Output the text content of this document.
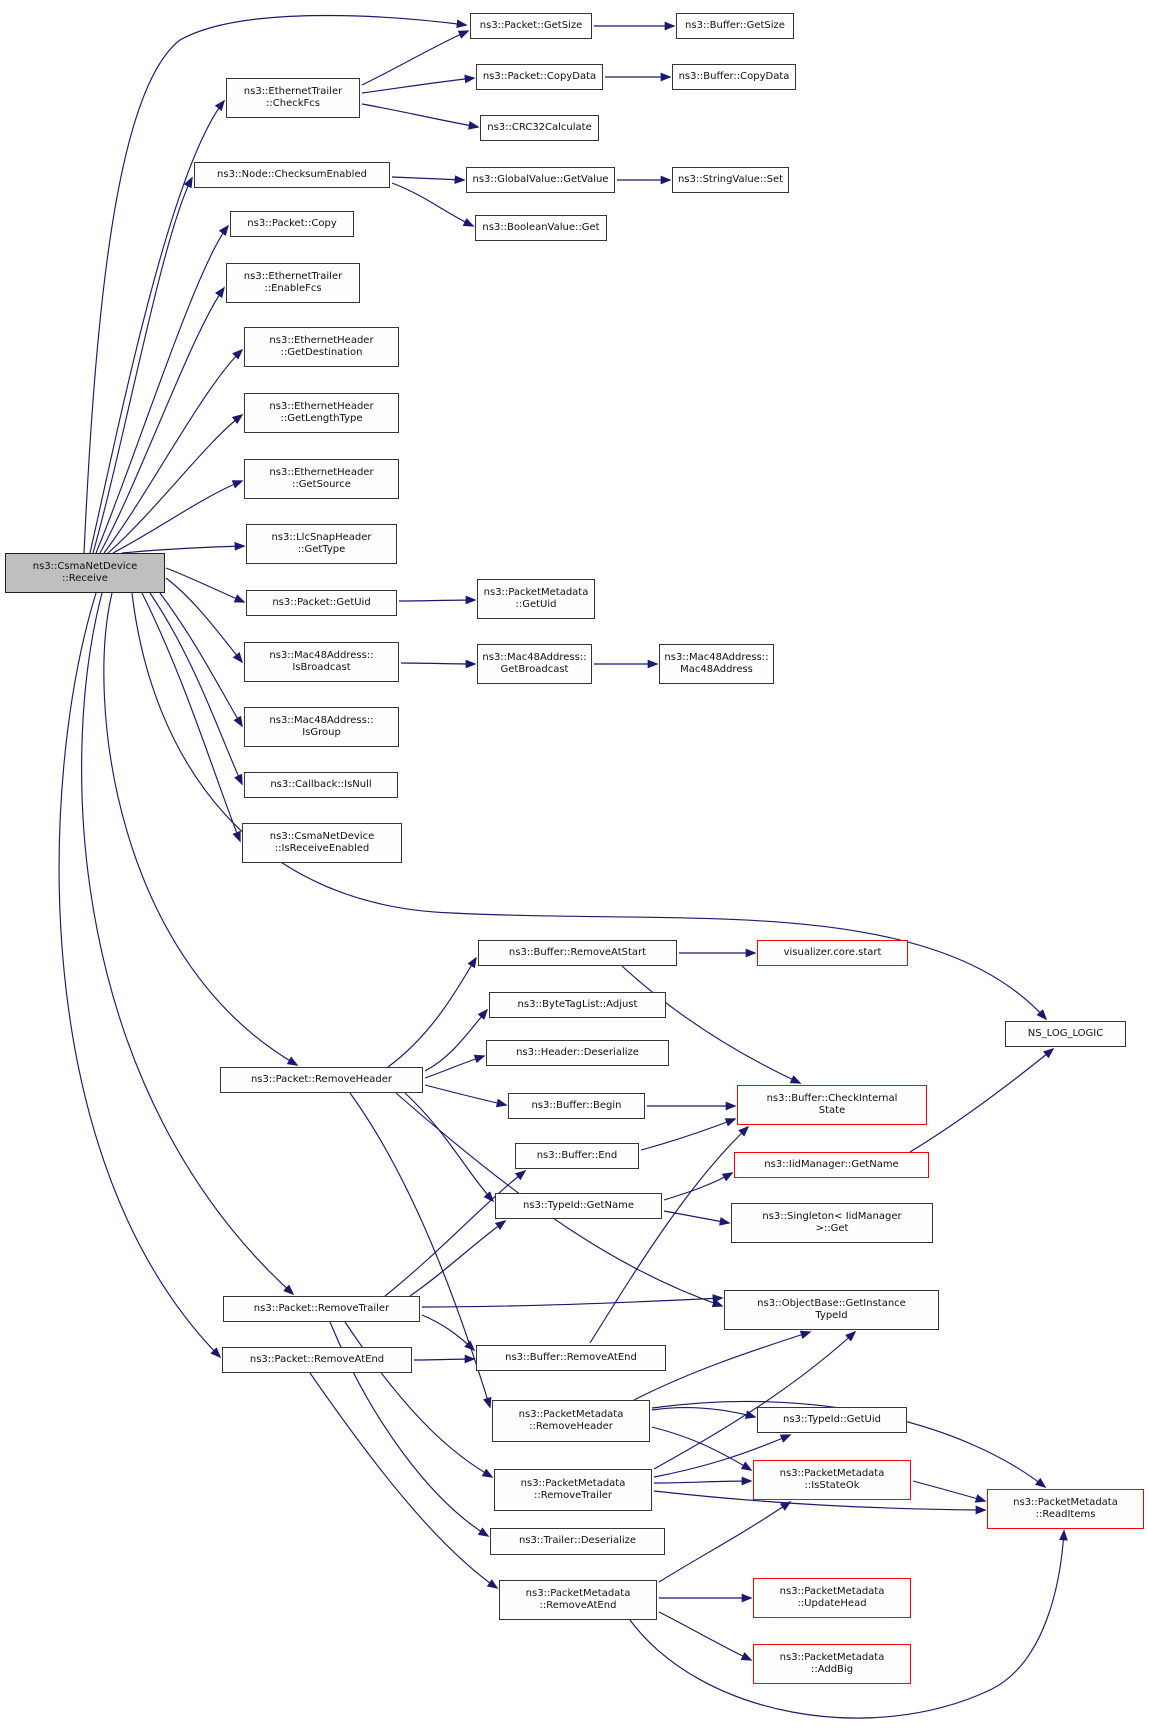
ns3::CsmaNetDevice
::Receive
ns3::EthernetTrailer
::CheckFcs
ns3::Node::ChecksumEnabled
ns3::Packet::Copy
ns3::EthernetTrailer
::EnableFcs
ns3::EthernetHeader
::GetDestination
ns3::EthernetHeader
::GetLengthType
ns3::EthernetHeader
::GetSource
ns3::LlcSnapHeader
::GetType
ns3::Packet::GetUid
ns3::Mac48Address::
IsBroadcast
ns3::Mac48Address::
IsGroup
ns3::Callback::IsNull
ns3::CsmaNetDevice
::IsReceiveEnabled
ns3::Packet::GetSize	ns3::Buffer::GetSize
ns3::Packet::CopyData	ns3::Buffer::CopyData
ns3::CRC32Calculate
ns3::GlobalValue::GetValue	ns3::StringValue::Set
ns3::BooleanValue::Get
ns3::PacketMetadata
::GetUid
ns3::Mac48Address::
GetBroadcast
ns3::Mac48Address::
Mac48Address
ns3::Buffer::RemoveAtStart	visualizer.core.start
ns3::ByteTagList::Adjust
ns3::Header::Deserialize
ns3::Packet::RemoveHeader
ns3::Buffer::Begin
ns3::Buffer::CheckInternal
State
ns3::Buffer::End
ns3::IidManager::GetName
ns3::TypeId::GetName
ns3::Singleton< IidManager
>::Get
NS_LOG_LOGIC
ns3::ObjectBase::GetInstance
TypeId
ns3::Packet::RemoveTrailer
ns3::Packet::RemoveAtEnd	ns3::Buffer::RemoveAtEnd
ns3::PacketMetadata
::RemoveHeader
ns3::PacketMetadata
::RemoveTrailer
ns3::Trailer::Deserialize
ns3::PacketMetadata
::RemoveAtEnd
ns3::TypeId::GetUid
ns3::PacketMetadata
::IsStateOk
ns3::PacketMetadata
::ReadItems
ns3::PacketMetadata
::UpdateHead
ns3::PacketMetadata
::AddBig
